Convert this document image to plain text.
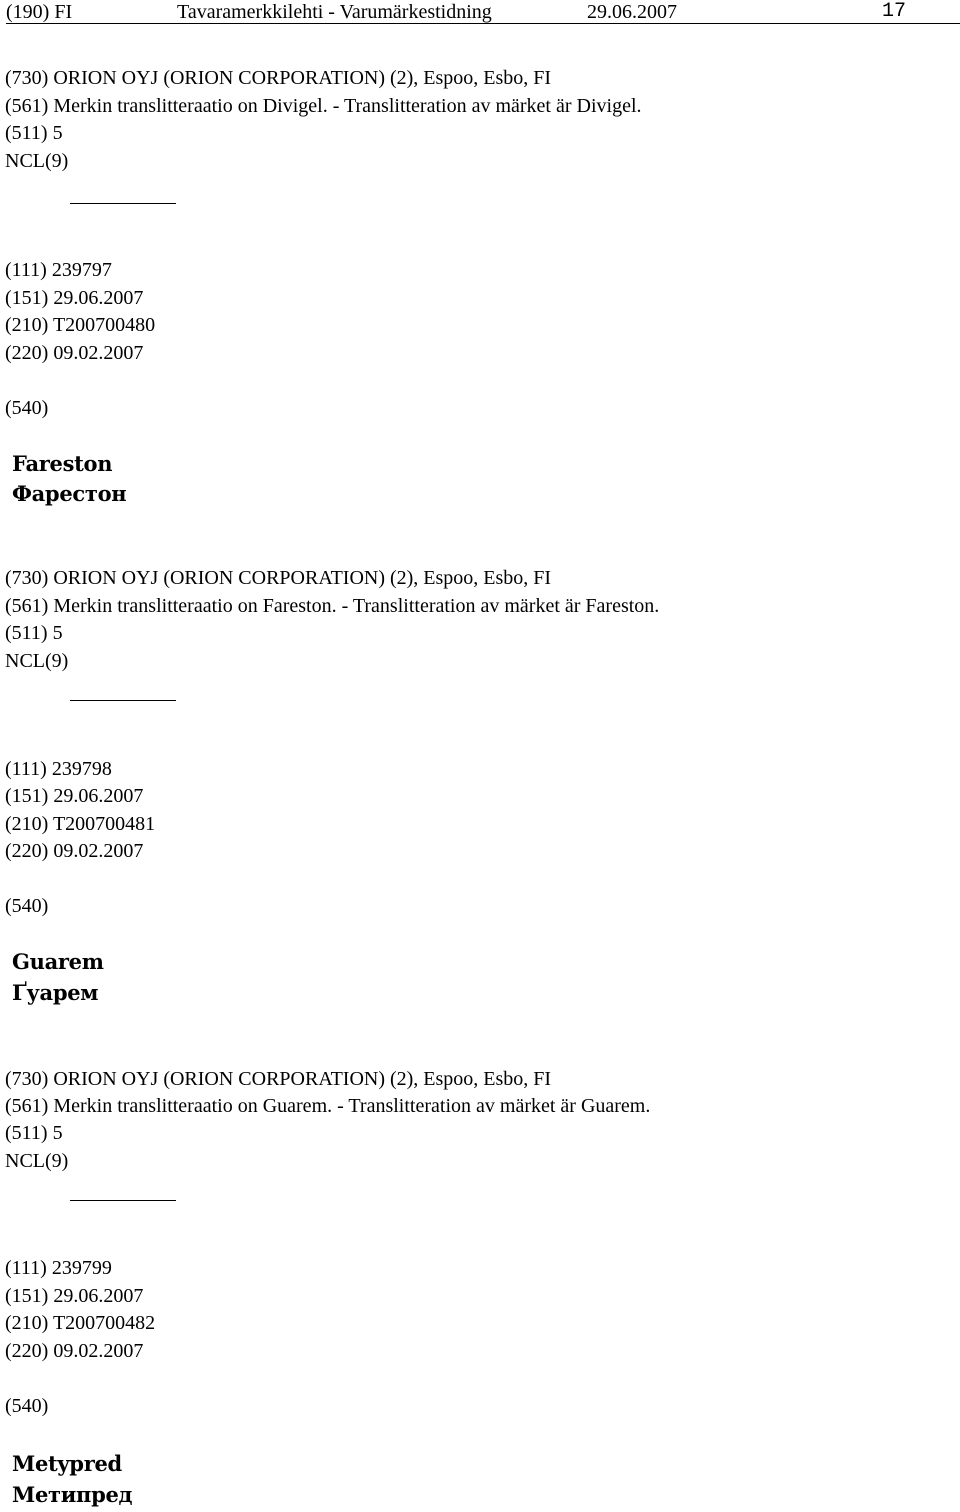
(190) FI	Tavaramerkkilehti - Varumärkestidning	29.06.2007	17
(730) ORION OYJ (ORION CORPORATION) (2), Espoo, Esbo, FI
(561) Merkin translitteraatio on Divigel. - Translitteration av märket är Divigel.
(511) 5
NCL(9)
(111) 239797
(151) 29.06.2007
(210) T200700480
(220) 09.02.2007
(540)
Fareston
Фарестон
(730) ORION OYJ (ORION CORPORATION) (2), Espoo, Esbo, FI
(561) Merkin translitteraatio on Fareston. - Translitteration av märket är Fareston.
(511) 5
NCL(9)
(111) 239798
(151) 29.06.2007
(210) T200700481
(220) 09.02.2007
(540)
Guarem
Ґуарем
(730) ORION OYJ (ORION CORPORATION) (2), Espoo, Esbo, FI
(561) Merkin translitteraatio on Guarem. - Translitteration av märket är Guarem.
(511) 5
NCL(9)
(111) 239799
(151) 29.06.2007
(210) T200700482
(220) 09.02.2007
(540)
Metypred
Метипред
